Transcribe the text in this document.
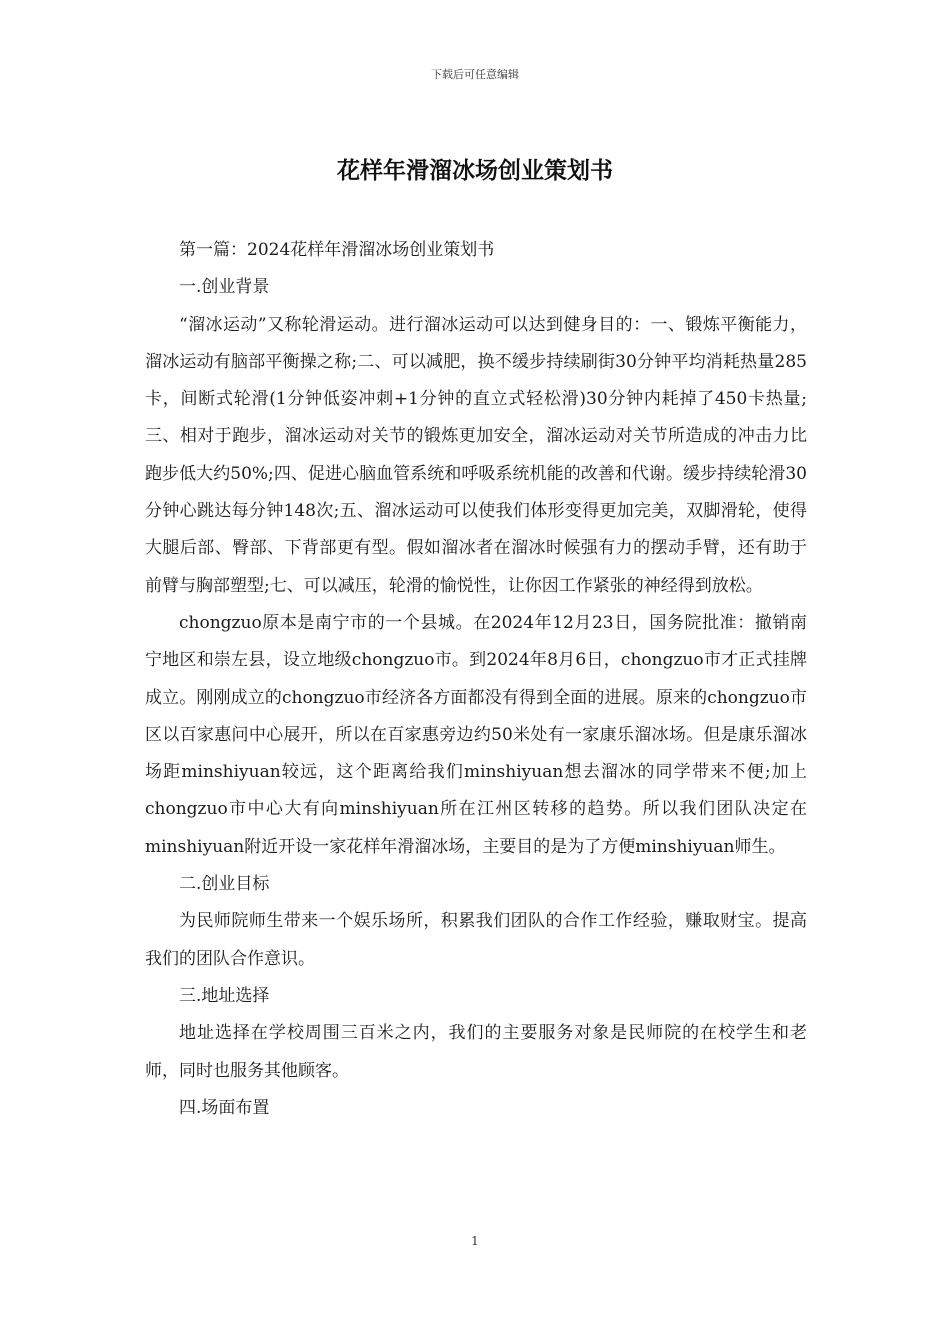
下载后可任意编辑
花样年滑溜冰场创业策划书

第一篇：2024花样年滑溜冰场创业策划书

一.创业背景

“溜冰运动”又称轮滑运动。进行溜冰运动可以达到健身目的：一、锻炼平衡能力，溜冰运动有脑部平衡操之称;二、可以减肥，换不缓步持续刷街30分钟平均消耗热量285卡，间断式轮滑(1分钟低姿冲刺+1分钟的直立式轻松滑)30分钟内耗掉了450卡热量;三、相对于跑步，溜冰运动对关节的锻炼更加安全，溜冰运动对关节所造成的冲击力比跑步低大约50%;四、促进心脑血管系统和呼吸系统机能的改善和代谢。缓步持续轮滑30分钟心跳达每分钟148次;五、溜冰运动可以使我们体形变得更加完美，双脚滑轮，使得大腿后部、臀部、下背部更有型。假如溜冰者在溜冰时候强有力的摆动手臂，还有助于前臂与胸部塑型;七、可以减压，轮滑的愉悦性，让你因工作紧张的神经得到放松。

chongzuo原本是南宁市的一个县城。在2024年12月23日，国务院批准：撤销南宁地区和崇左县，设立地级chongzuo市。到2024年8月6日，chongzuo市才正式挂牌成立。刚刚成立的chongzuo市经济各方面都没有得到全面的进展。原来的chongzuo市区以百家惠问中心展开，所以在百家惠旁边约50米处有一家康乐溜冰场。但是康乐溜冰场距minshiyuan较远，这个距离给我们minshiyuan想去溜冰的同学带来不便;加上chongzuo市中心大有向minshiyuan所在江州区转移的趋势。所以我们团队决定在minshiyuan附近开设一家花样年滑溜冰场，主要目的是为了方便minshiyuan师生。

二.创业目标

为民师院师生带来一个娱乐场所，积累我们团队的合作工作经验，赚取财宝。提高我们的团队合作意识。

三.地址选择

地址选择在学校周围三百米之内，我们的主要服务对象是民师院的在校学生和老师，同时也服务其他顾客。

四.场面布置

1
